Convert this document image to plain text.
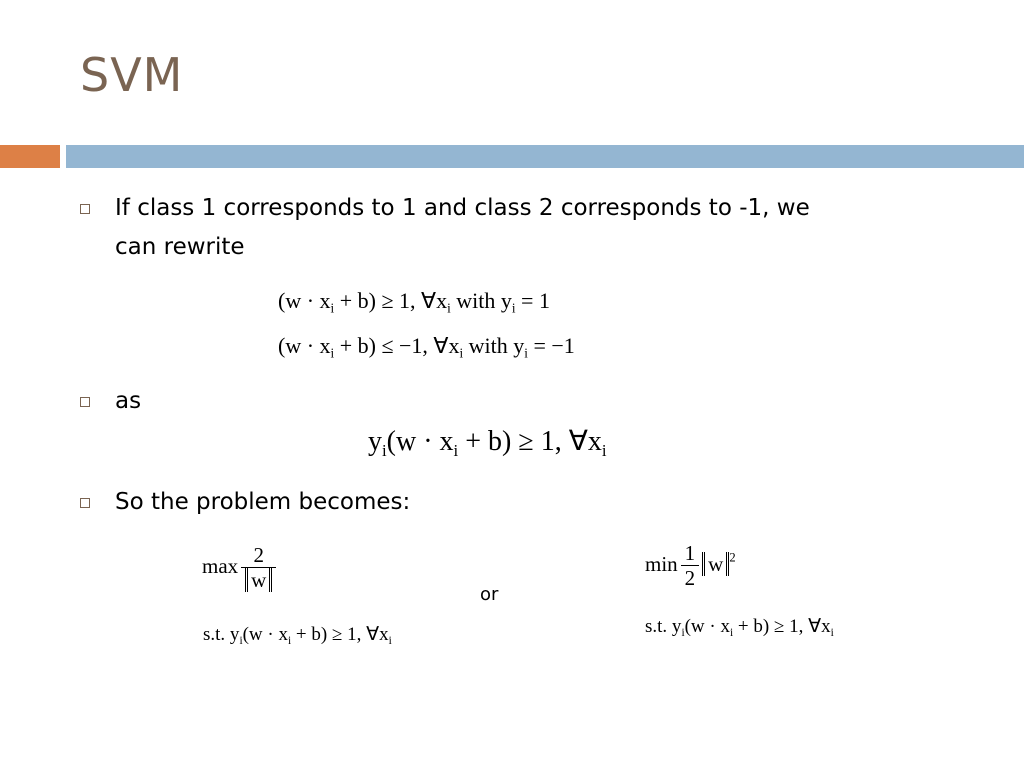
SVM
If class 1 corresponds to 1 and class 2 corresponds to -1, we
can rewrite
$(w \cdot x_i + b) \ge 1$, $\forall x_i$ with $y_i = 1$
$(w \cdot x_i + b) \le -1$, $\forall x_i$ with $y_i = -1$
as
$y_i(w \cdot x_i + b) \ge 1$, $\forall x_i$
So the problem becomes:
$\max \frac{2}{w}$
s.t. $y_i(w \cdot x_i + b) \ge 1$, $\forall x_i$
or
$\min \frac{1}{2}$ w $^2$
s.t. $y_i(w \cdot x_i + b) \ge 1$, $\forall x_i$
